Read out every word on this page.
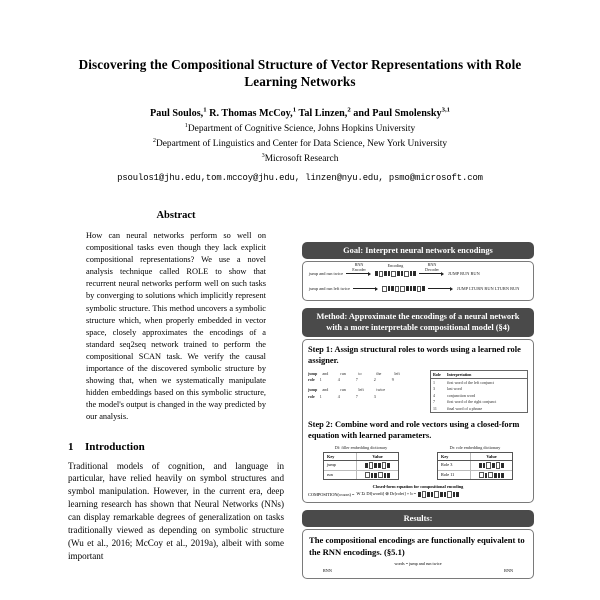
Discovering the Compositional Structure of Vector Representations with Role Learning Networks
Paul Soulos,$^1$ R. Thomas McCoy,$^1$ Tal Linzen,$^2$ and Paul Smolensky$^{3,1}$
$^1$Department of Cognitive Science, Johns Hopkins University
$^2$Department of Linguistics and Center for Data Science, New York University
$^3$Microsoft Research
psoulos1@jhu.edu,tom.mccoy@jhu.edu, linzen@nyu.edu, psmo@microsoft.com
Abstract
How can neural networks perform so well on compositional tasks even though they lack explicit compositional representations? We use a novel analysis technique called ROLE to show that recurrent neural networks perform well on such tasks by converging to solutions which implicitly represent symbolic structure. This method uncovers a symbolic structure which, when properly embedded in vector space, closely approximates the encodings of a standard seq2seq network trained to perform the compositional SCAN task. We verify the causal importance of the discovered symbolic structure by showing that, when we systematically manipulate hidden embeddings based on this symbolic structure, the model's output is changed in the way predicted by our analysis.
1 Introduction
Traditional models of cognition, and language in particular, have relied heavily on symbol structures and symbol manipulation. However, in the current era, deep learning research has shown that Neural Networks (NNs) can display remarkable degrees of generalization on tasks traditionally viewed as depending on symbolic structure (Wu et al., 2016; McCoy et al., 2019a), albeit with some important
Goal: Interpret neural network encodings
jump and run twice
RNN
Encoder
Encoding	RNN
Decoder
JUMP RUN RUN
jump and run left twice	JUMP LTURN RUN LTURN RUN
Method: Approximate the encodings of a neural network with a more interpretable compositional model (§4)
Step 1: Assign structural roles to words using a learned role assigner.
jump and	run	to	the	left
role 1	4	7	2	9
jump and	run	left	twice
role 1	4	7	3
Role	Interpretation
1	first word of the left conjunct
3	last word
4	conjunction word
7	first word of the right conjunct
11	final word of a phrase
Step 2: Combine word and role vectors using a closed-form equation with learned parameters.
Df: filler embedding dictionary
Key	Value
jump
run
Dr: role embedding dictionary
Key	Value
Role 3
Role 11
Closed-form equation for compositional encoding
COMPOSITION(words) = W Σi Df[wordi] ⊗ Dr[rolei] + b =
Results:
The compositional encodings are functionally equivalent to the RNN encodings. (§5.1)
words = jump and run twice
RNN	RNN
